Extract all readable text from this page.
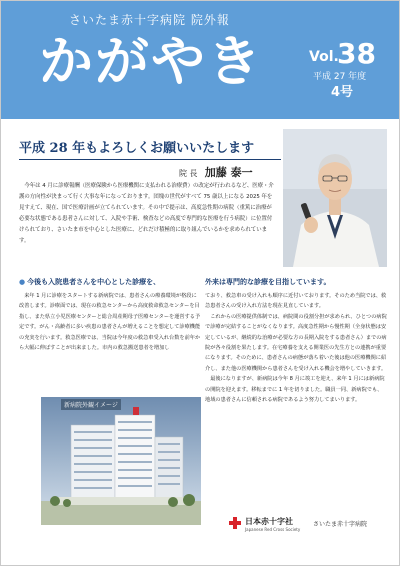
さいたま赤十字病院 院外報
かがやき	Vol.
38
平成 27 年度
4号
平成 28 年もよろしくお願いいたします
院 長 加藤 泰一

今年は 4 月に診療報酬（医療保険から医療機関に支払われる治療費）の改定が行われるなど、医療・介護の方向性が決まって行く大事な年になっております。団塊の世代がすべて 75 歳以上になる 2025 年を見すえて、現在、国で医療計画が立てられています。その中で提示は、高度急性期の病院（重篤に治療が必要な状態である患者さんに対して、入院や手術、検査などの高度で専門的な医療を行う病院）に位置付けられており、さいたま市を中心とした医療に、どれだけ積極的に取り組んでいるかを求められています。

● 今後も入院患者さんを中心とした診療を、	外来は専門的な診療を目指しています。

来年 1 月に診療をスタートする新病院では、患者さんの療養環境が格段に改善します。診療面では、現在の救急センターから高度救命救急センターを目指し、また県立小児医療センターと総合周産期母子医療センターを運営する予定です。がん・高齢者に多い疾患の患者さんが増えることを想定して診療機能の充実を行います。救急医療では、当院は今年度の救急車受入れ台数を前年から大幅に伸ばすことが出来ました。市内の救急搬送患者を増加し

ており、救急車の受け入れも順序に近付いております。そのため当院では、救急患者さんの受け入れ方法を現在見直しています。

これからの医療提供体制では、病院間の役割分担が求められ、ひとつの病院で診療が完結することがなくなります。高度急性期から慢性期（全身状態は安定しているが、継続的な治療が必要な方の長期入院をする患者さん）までの病院が各々役割を果たします。在宅療養を支える開業医の先生方との連携が重要になります。そのために、患者さんの病態が落ち着いた後は他の医療機関に紹介し、また他の医療機関から患者さんを受け入れる機会を増やしていきます。

最後になりますが、新病院は今年 8 月に竣工を迎え、来年 1 月には新病院の開院を迎えます。移転までに 1 年を切りました。職員一同、新病院でも、地域の患者さんに信頼される病院であるよう努力してまいります。

新病院外観イメージ
日本赤十字社
Japanese Red Cross Society
さいたま赤十字病院
